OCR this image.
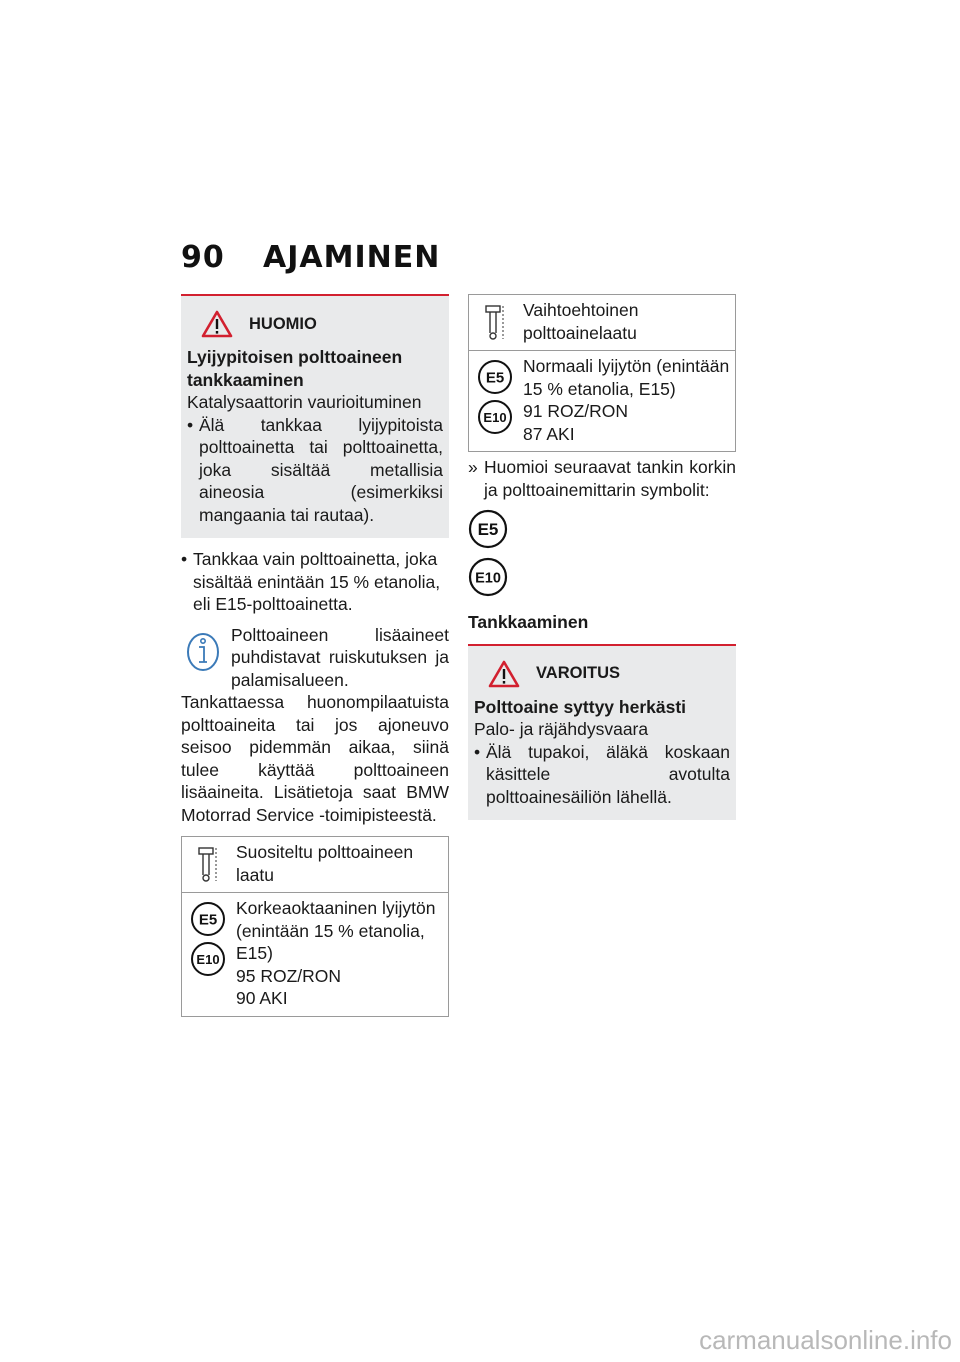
90 AJAMINEN
HUOMIO
Lyijypitoisen polttoaineen tankkaaminen
Katalysaattorin vaurioituminen
• Älä tankkaa lyijypitoista polttoainetta tai polttoainetta, joka sisältää metallisia aineosia (esimerkiksi mangaania tai rautaa).
• Tankkaa vain polttoainetta, joka sisältää enintään 15 % etanolia, eli E15-polttoainetta.
Polttoaineen lisäaineet puhdistavat ruiskutuksen ja palamisalueen. Tankattaessa huonompilaatuista polttoaineita tai jos ajoneuvo seisoo pidemmän aikaa, siinä tulee käyttää polttoaineen lisäaineita. Lisätietoja saat BMW Motorrad Service -toimipisteestä.
Suositeltu polttoaineen laatu
E5
E10
Korkeaoktaaninen lyijytön (enintään 15 % etanolia, E15)
95 ROZ/RON
90 AKI
Vaihtoehtoinen polttoainelaatu
E5
E10
Normaali lyijytön (enintään 15 % etanolia, E15)
91 ROZ/RON
87 AKI
» Huomioi seuraavat tankin korkin ja polttoainemittarin symbolit:
E5
E10
Tankkaaminen
VAROITUS
Polttoaine syttyy herkästi
Palo- ja räjähdysvaara
• Älä tupakoi, äläkä koskaan käsittele avotulta polttoainesäiliön lähellä.
carmanualsonline.info
